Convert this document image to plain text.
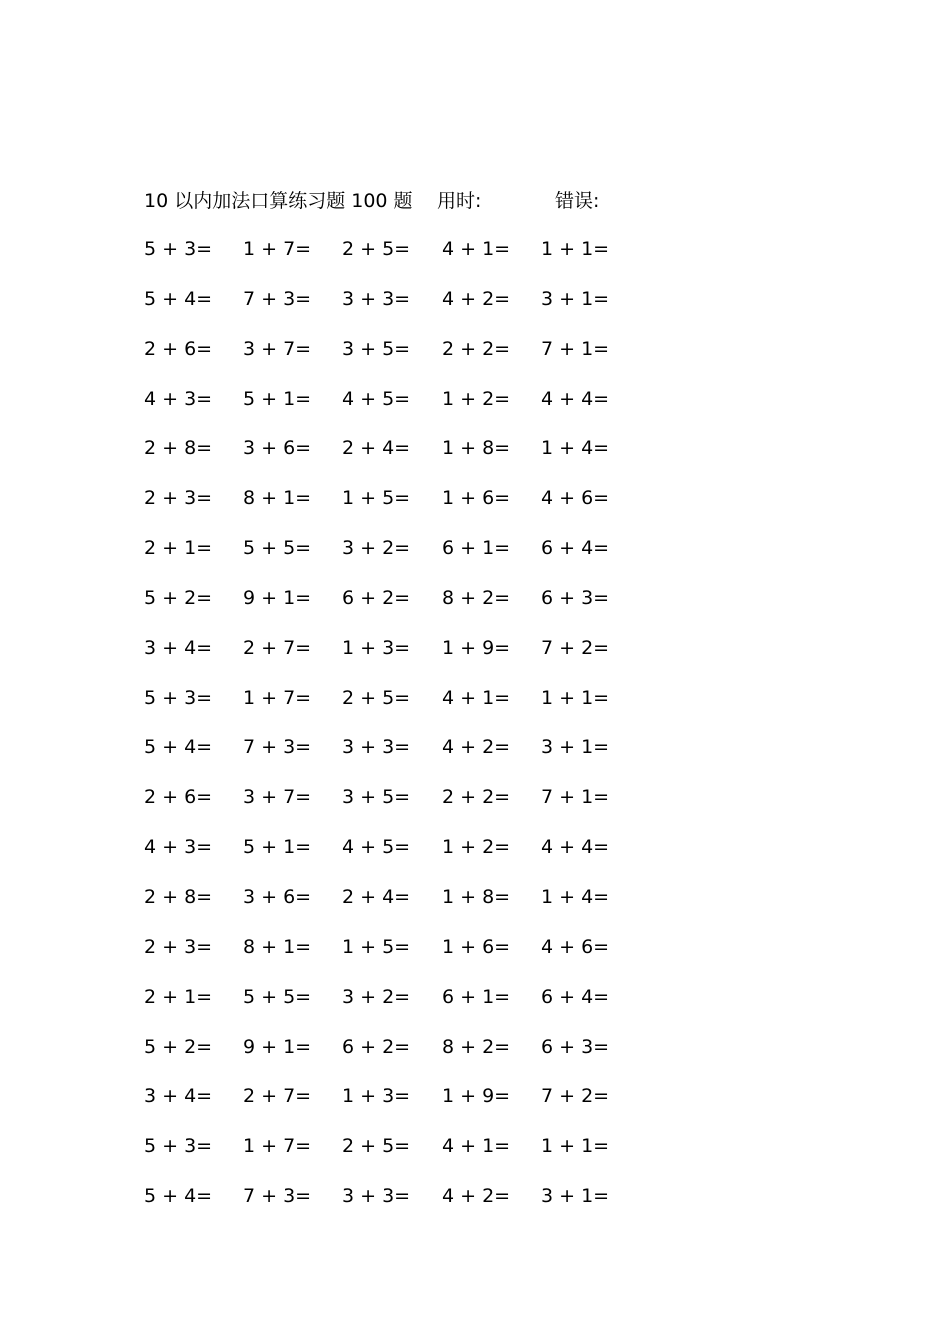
10 以内加法口算练习题 100 题 用时:	错误:
5 + 3= 1 + 7= 2 + 5= 4 + 1= 1 + 1=
5 + 4= 7 + 3= 3 + 3= 4 + 2= 3 + 1=
2 + 6= 3 + 7= 3 + 5= 2 + 2= 7 + 1=
4 + 3= 5 + 1= 4 + 5= 1 + 2= 4 + 4=
2 + 8= 3 + 6= 2 + 4= 1 + 8= 1 + 4=
2 + 3= 8 + 1= 1 + 5= 1 + 6= 4 + 6=
2 + 1= 5 + 5= 3 + 2= 6 + 1= 6 + 4=
5 + 2= 9 + 1= 6 + 2= 8 + 2= 6 + 3=
3 + 4= 2 + 7= 1 + 3= 1 + 9= 7 + 2=
5 + 3= 1 + 7= 2 + 5= 4 + 1= 1 + 1=
5 + 4= 7 + 3= 3 + 3= 4 + 2= 3 + 1=
2 + 6= 3 + 7= 3 + 5= 2 + 2= 7 + 1=
4 + 3= 5 + 1= 4 + 5= 1 + 2= 4 + 4=
2 + 8= 3 + 6= 2 + 4= 1 + 8= 1 + 4=
2 + 3= 8 + 1= 1 + 5= 1 + 6= 4 + 6=
2 + 1= 5 + 5= 3 + 2= 6 + 1= 6 + 4=
5 + 2= 9 + 1= 6 + 2= 8 + 2= 6 + 3=
3 + 4= 2 + 7= 1 + 3= 1 + 9= 7 + 2=
5 + 3= 1 + 7= 2 + 5= 4 + 1= 1 + 1=
5 + 4= 7 + 3= 3 + 3= 4 + 2= 3 + 1=
